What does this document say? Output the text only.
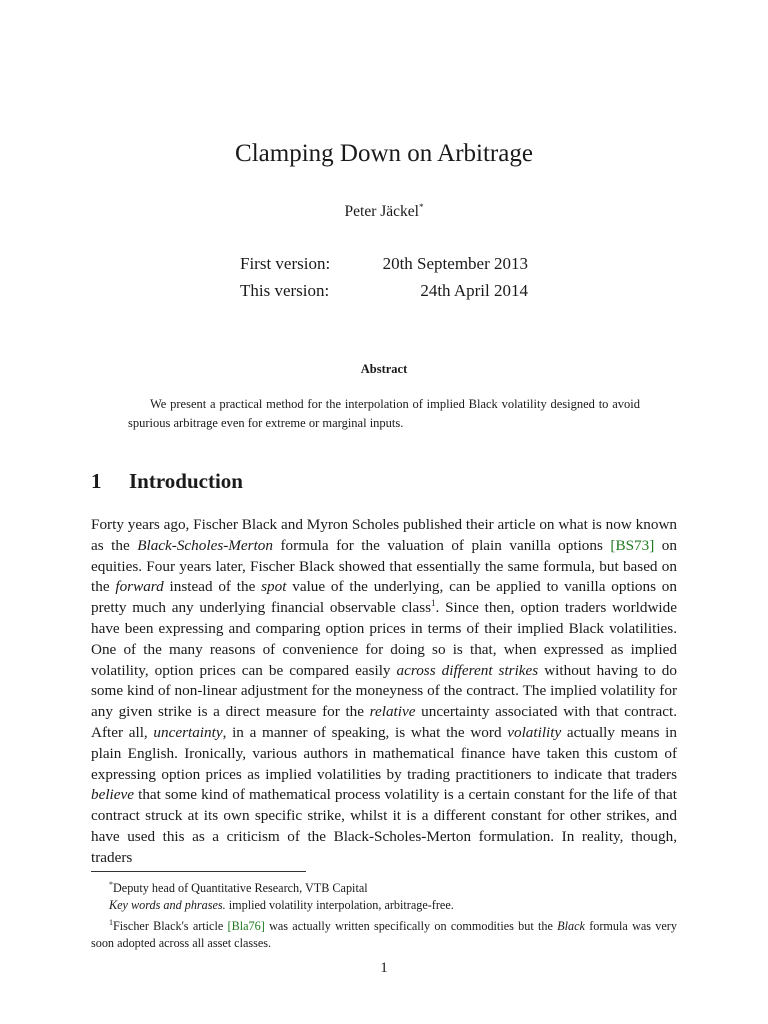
Clamping Down on Arbitrage
Peter Jäckel*
First version:	20th September 2013
This version:	24th April 2014
Abstract
We present a practical method for the interpolation of implied Black volatility designed to avoid spurious arbitrage even for extreme or marginal inputs.
1 Introduction
Forty years ago, Fischer Black and Myron Scholes published their article on what is now known as the Black-Scholes-Merton formula for the valuation of plain vanilla options [BS73] on equities. Four years later, Fischer Black showed that essentially the same formula, but based on the forward instead of the spot value of the underlying, can be applied to vanilla options on pretty much any underlying financial observable class$^1$. Since then, option traders worldwide have been expressing and comparing option prices in terms of their implied Black volatilities. One of the many reasons of convenience for doing so is that, when expressed as implied volatility, option prices can be compared easily across different strikes without having to do some kind of non-linear adjustment for the moneyness of the contract. The implied volatility for any given strike is a direct measure for the relative uncertainty associated with that contract. After all, uncertainty, in a manner of speaking, is what the word volatility actually means in plain English. Ironically, various authors in mathematical finance have taken this custom of expressing option prices as implied volatilities by trading practitioners to indicate that traders believe that some kind of mathematical process volatility is a certain constant for the life of that contract struck at its own specific strike, whilst it is a different constant for other strikes, and have used this as a criticism of the Black-Scholes-Merton formulation. In reality, though, traders

*Deputy head of Quantitative Research, VTB Capital

Key words and phrases. implied volatility interpolation, arbitrage-free.

$^1$Fischer Black's article [Bla76] was actually written specifically on commodities but the Black formula was very soon adopted across all asset classes.

1
